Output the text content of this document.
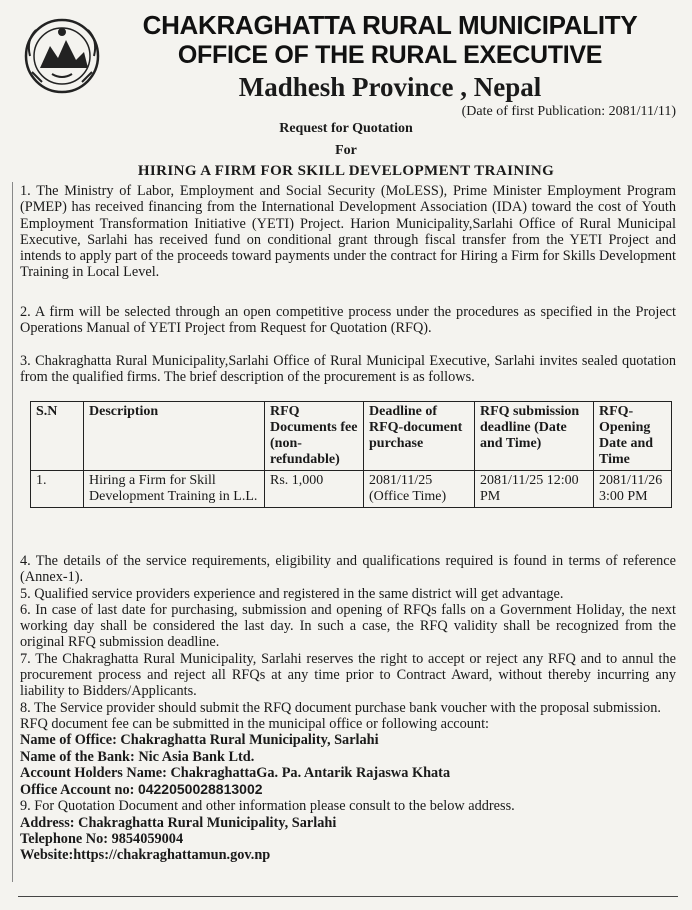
CHAKRAGHATTA RURAL MUNICIPALITY
OFFICE OF THE RURAL EXECUTIVE
Madhesh Province , Nepal
(Date of first Publication: 2081/11/11)
Request for Quotation
For
HIRING A FIRM FOR SKILL DEVELOPMENT TRAINING
1. The Ministry of Labor, Employment and Social Security (MoLESS), Prime Minister Employment Program (PMEP) has received financing from the International Development Association (IDA) toward the cost of Youth Employment Transformation Initiative (YETI) Project. Harion Municipality,Sarlahi Office of Rural Municipal Executive, Sarlahi has received fund on conditional grant through fiscal transfer from the YETI Project and intends to apply part of the proceeds toward payments under the contract for Hiring a Firm for Skills Development Training in Local Level.
2. A firm will be selected through an open competitive process under the procedures as specified in the Project Operations Manual of YETI Project from Request for Quotation (RFQ).
3. Chakraghatta Rural Municipality,Sarlahi Office of Rural Municipal Executive, Sarlahi invites sealed quotation from the qualified firms. The brief description of the procurement is as follows.
S.N	Description	RFQ Documents fee (non-refundable)	Deadline of RFQ-document purchase	RFQ submission deadline (Date and Time)	RFQ-Opening Date and Time
1.	Hiring a Firm for Skill Development Training in L.L.	Rs. 1,000	2081/11/25 (Office Time)	2081/11/25 12:00 PM	2081/11/26 3:00 PM
4. The details of the service requirements, eligibility and qualifications required is found in terms of reference (Annex-1).
5. Qualified service providers experience and registered in the same district will get advantage.
6. In case of last date for purchasing, submission and opening of RFQs falls on a Government Holiday, the next working day shall be considered the last day. In such a case, the RFQ validity shall be recognized from the original RFQ submission deadline.
7. The Chakraghatta Rural Municipality, Sarlahi reserves the right to accept or reject any RFQ and to annul the procurement process and reject all RFQs at any time prior to Contract Award, without thereby incurring any liability to Bidders/Applicants.
8. The Service provider should submit the RFQ document purchase bank voucher with the proposal submission.
RFQ document fee can be submitted in the municipal office or following account:
Name of Office: Chakraghatta Rural Municipality, Sarlahi
Name of the Bank: Nic Asia Bank Ltd.
Account Holders Name: ChakraghattaGa. Pa. Antarik Rajaswa Khata
Office Account no: 0422050028813002
9. For Quotation Document and other information please consult to the below address.
Address: Chakraghatta Rural Municipality, Sarlahi
Telephone No: 9854059004
Website:https://chakraghattamun.gov.np
